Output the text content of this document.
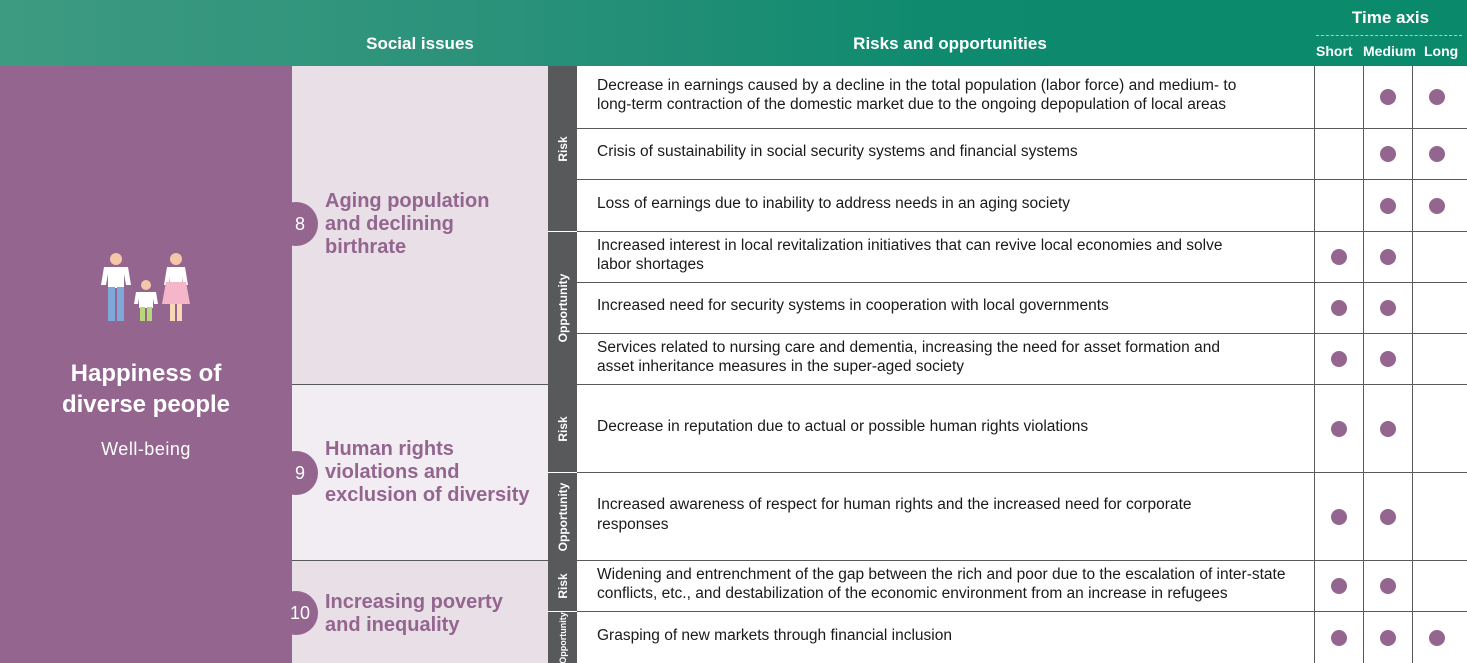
Social issues	Risks and opportunities
Time axis
Short Medium Long
Happiness of
diverse people
Well-being
8
Aging population
and declining
birthrate
9
Human rights
violations and
exclusion of diversity
10 Increasing poverty
and inequality
Risk
Opportunity
Risk
Opportunity
Risk
Opportunity
Decrease in earnings caused by a decline in the total population (labor force) and medium- to
long-term contraction of the domestic market due to the ongoing depopulation of local areas
Crisis of sustainability in social security systems and financial systems
Loss of earnings due to inability to address needs in an aging society
Increased interest in local revitalization initiatives that can revive local economies and solve
labor shortages
Increased need for security systems in cooperation with local governments
Services related to nursing care and dementia, increasing the need for asset formation and
asset inheritance measures in the super-aged society
Decrease in reputation due to actual or possible human rights violations
Increased awareness of respect for human rights and the increased need for corporate
responses
Widening and entrenchment of the gap between the rich and poor due to the escalation of inter-state
conflicts, etc., and destabilization of the economic environment from an increase in refugees
Grasping of new markets through financial inclusion
